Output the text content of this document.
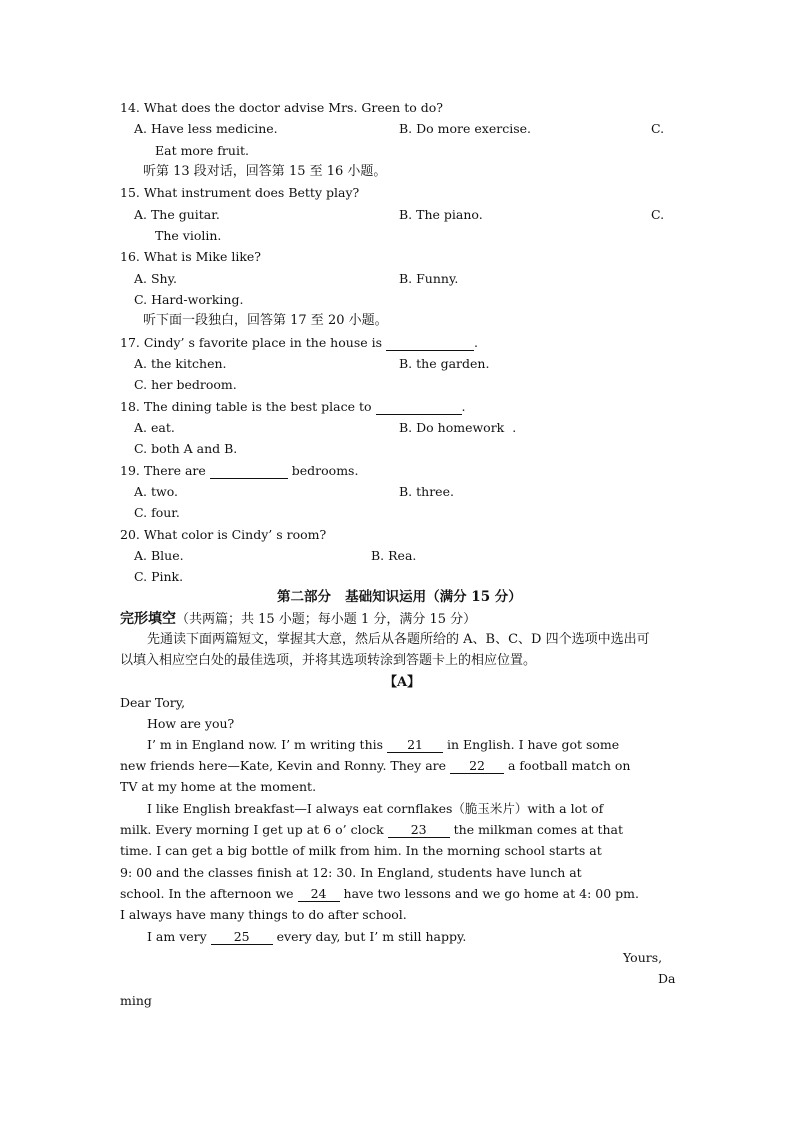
14. What does the doctor advise Mrs. Green to do?
A. Have less medicine.	B. Do more exercise.	C.
Eat more fruit.
听第 13 段对话，回答第 15 至 16 小题。
15. What instrument does Betty play?
A. The guitar.	B. The piano.	C.
The violin.
16. What is Mike like?
A. Shy.	B. Funny.
C. Hard-working.
听下面一段独白，回答第 17 至 20 小题。
17. Cindy’ s favorite place in the house is	.
A. the kitchen.	B. the garden.
C. her bedroom.
18. The dining table is the best place to	.
A. eat.	B. Do homework  .
C. both A and B.
19. There are	bedrooms.
A. two.	B. three.
C. four.
20. What color is Cindy’ s room?
A. Blue.	B. Rea.
C. Pink.
第二部分   基础知识运用（满分 15 分）
完形填空（共两篇；共 15 小题；每小题 1 分，满分 15 分）
先通读下面两篇短文，掌握其大意，然后从各题所给的 A、B、C、D 四个选项中选出可
以填入相应空白处的最佳选项，并将其选项转涂到答题卡上的相应位置。
【A】
Dear Tory,
How are you?
I’ m in England now. I’ m writing this 21 in English. I have got some
new friends here—Kate, Kevin and Ronny. They are 22 a football match on
TV at my home at the moment.
I like English breakfast—I always eat cornflakes（脆玉米片）with a lot of
milk. Every morning I get up at 6 o’ clock 23 the milkman comes at that
time. I can get a big bottle of milk from him. In the morning school starts at
9: 00 and the classes finish at 12: 30. In England, students have lunch at
school. In the afternoon we 24 have two lessons and we go home at 4: 00 pm.
I always have many things to do after school.
I am very 25 every day, but I’ m still happy.
Yours,
Da
ming
